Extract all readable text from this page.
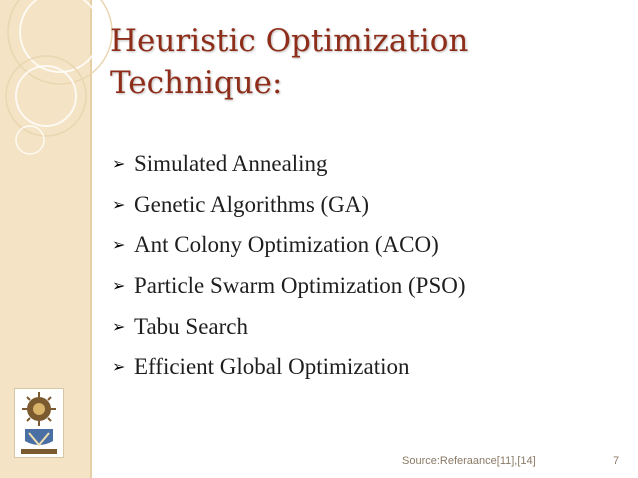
Heuristic Optimization
Technique:
➢ Simulated Annealing
➢ Genetic Algorithms (GA)
➢ Ant Colony Optimization (ACO)
➢ Particle Swarm Optimization (PSO)
➢ Tabu Search
➢ Efficient Global Optimization
Source:Referaance[11],[14]	7
